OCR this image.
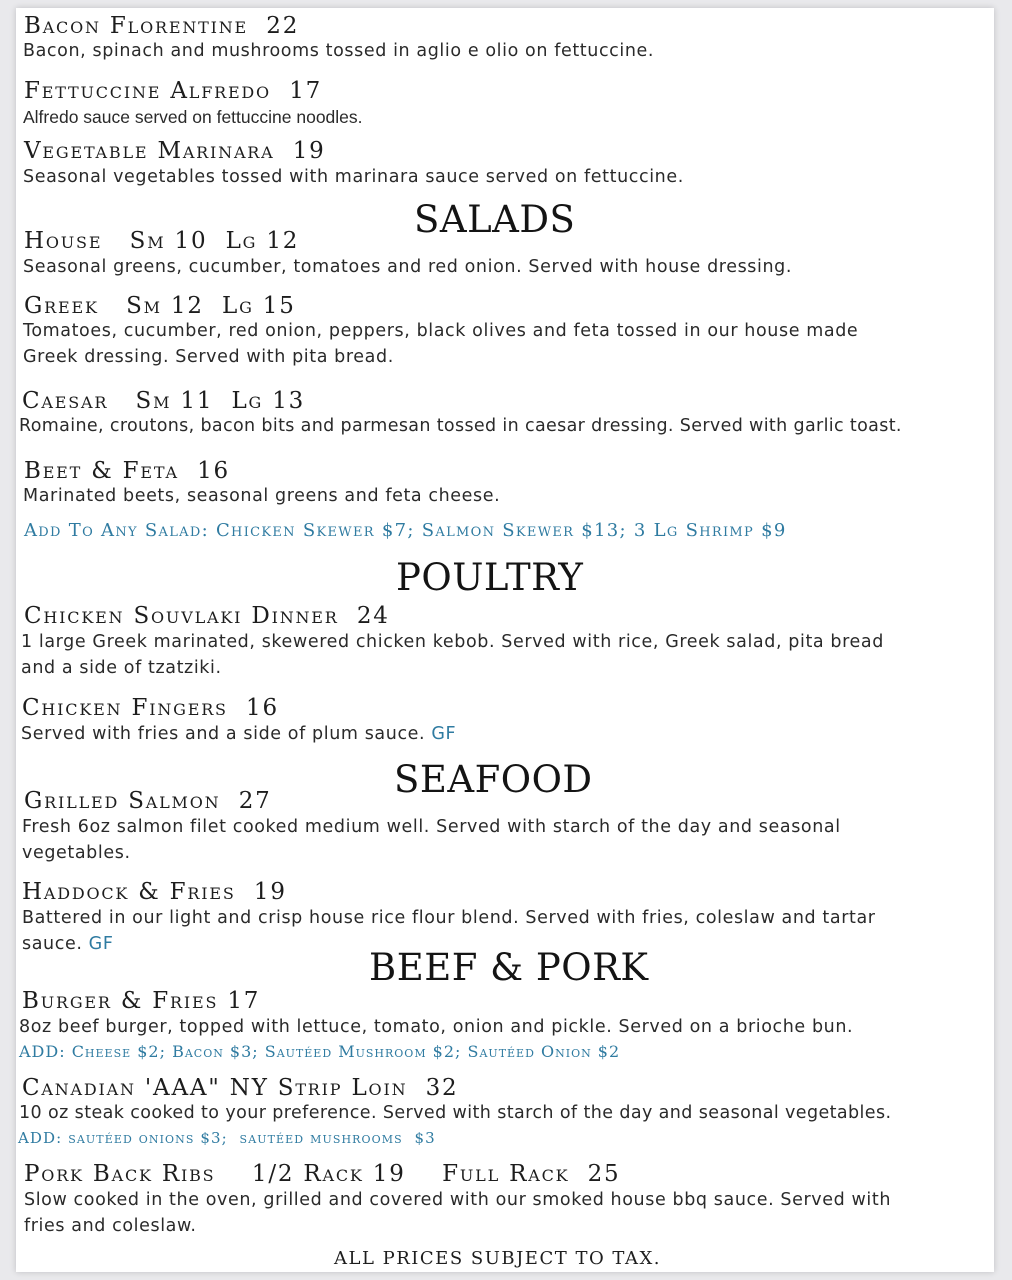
Bacon Florentine 22
Bacon, spinach and mushrooms tossed in aglio e olio on fettuccine.
Fettuccine Alfredo 17
Alfredo sauce served on fettuccine noodles.
Vegetable Marinara 19
Seasonal vegetables tossed with marinara sauce served on fettuccine.
SALADS
House Sm 10  Lg 12
Seasonal greens, cucumber, tomatoes and red onion. Served with house dressing.
Greek Sm 12  Lg 15
Tomatoes, cucumber, red onion, peppers, black olives and feta tossed in our house made
Greek dressing. Served with pita bread.
Caesar Sm 11  Lg 13
Romaine, croutons, bacon bits and parmesan tossed in caesar dressing. Served with garlic toast.
Beet & Feta 16
Marinated beets, seasonal greens and feta cheese.
Add To Any Salad: Chicken Skewer $7; Salmon Skewer $13; 3 Lg Shrimp $9
POULTRY
Chicken Souvlaki Dinner 24
1 large Greek marinated, skewered chicken kebob. Served with rice, Greek salad, pita bread
and a side of tzatziki.
Chicken Fingers 16
Served with fries and a side of plum sauce. GF
SEAFOOD
Grilled Salmon 27
Fresh 6oz salmon filet cooked medium well. Served with starch of the day and seasonal
vegetables.
Haddock & Fries 19
Battered in our light and crisp house rice flour blend. Served with fries, coleslaw and tartar
sauce. GF
BEEF & PORK
Burger & Fries 17
8oz beef burger, topped with lettuce, tomato, onion and pickle. Served on a brioche bun.
ADD: Cheese $2; Bacon $3; Sautéed Mushroom $2; Sautéed Onion $2
Canadian 'AAA" NY Strip Loin 32
10 oz steak cooked to your preference. Served with starch of the day and seasonal vegetables.
ADD: sautéed onions $3;  sautéed mushrooms  $3
Pork Back Ribs 1/2 Rack 19    Full Rack  25
Slow cooked in the oven, grilled and covered with our smoked house bbq sauce. Served with
fries and coleslaw.
ALL PRICES SUBJECT TO TAX.
